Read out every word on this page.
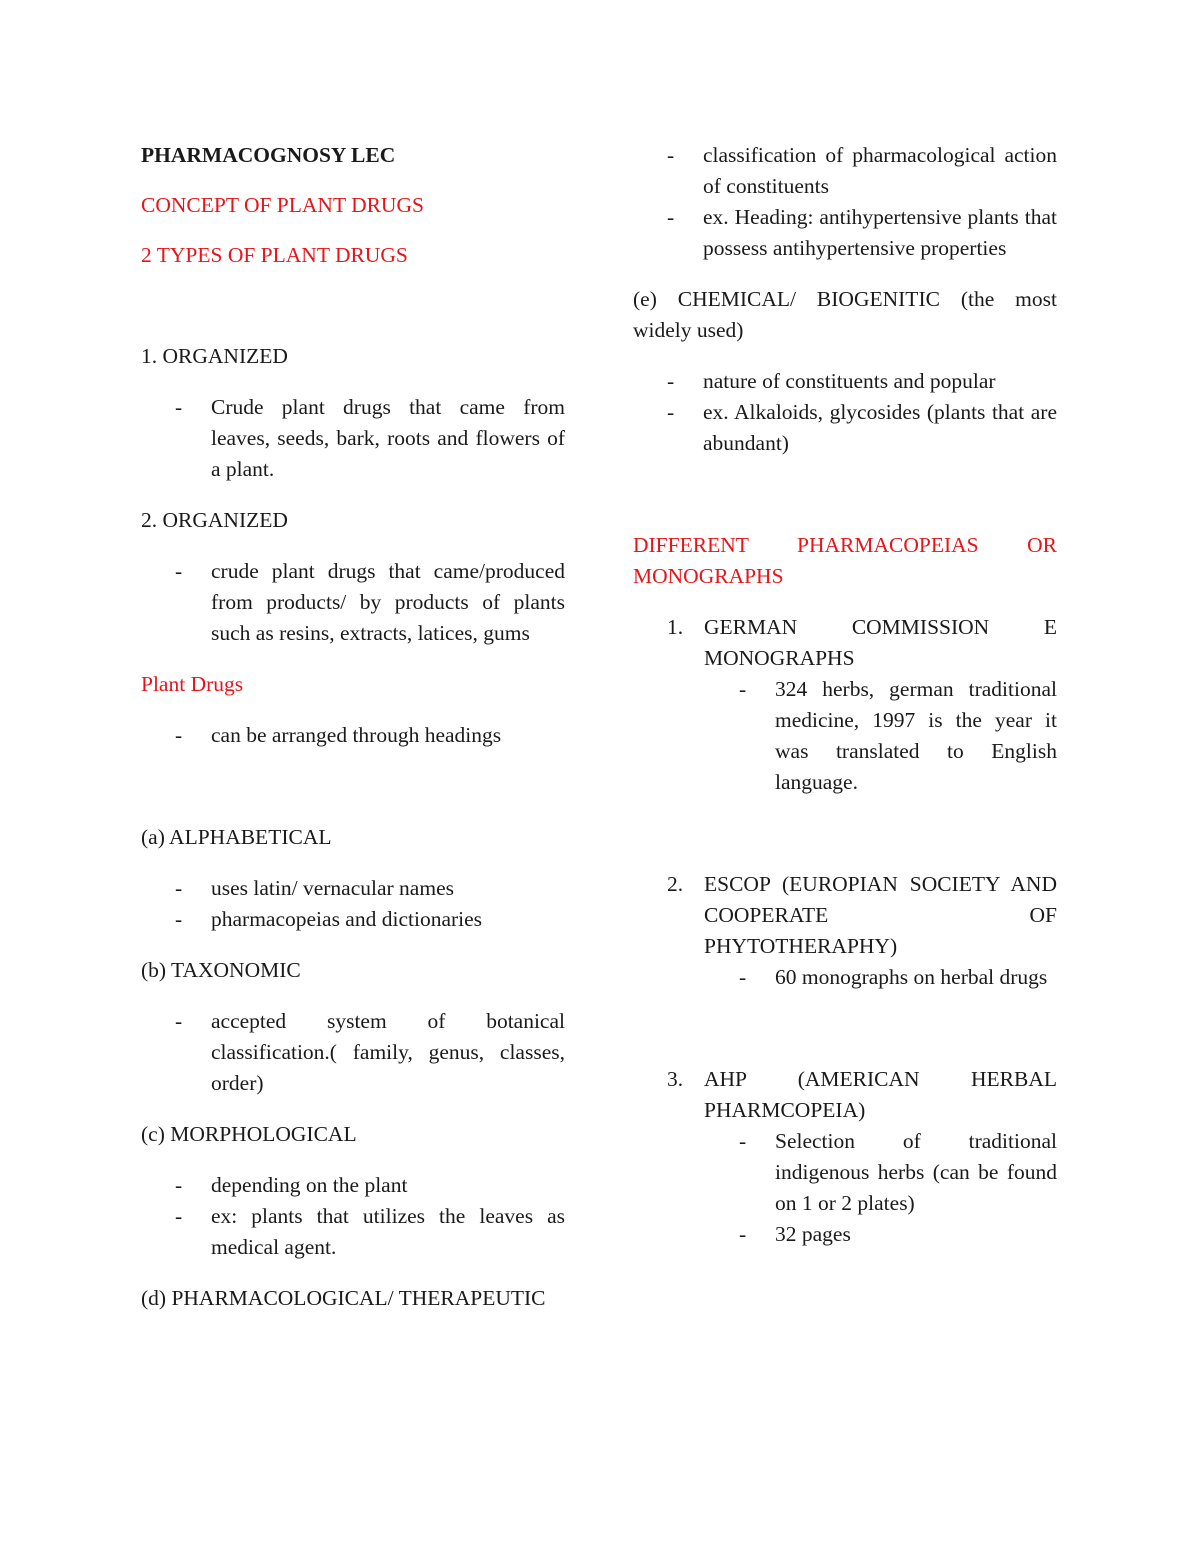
PHARMACOGNOSY LEC

CONCEPT OF PLANT DRUGS

2 TYPES OF PLANT DRUGS

1. ORGANIZED

- Crude plant drugs that came from leaves, seeds, bark, roots and flowers of a plant.

2. ORGANIZED

- crude plant drugs that came/produced from products/ by products of plants such as resins, extracts, latices, gums

Plant Drugs

- can be arranged through headings

(a) ALPHABETICAL

- uses latin/ vernacular names
- pharmacopeias and dictionaries

(b) TAXONOMIC

- accepted system of botanical classification.( family, genus, classes, order)

(c) MORPHOLOGICAL

- depending on the plant
- ex: plants that utilizes the leaves as medical agent.

(d) PHARMACOLOGICAL/ THERAPEUTIC

- classification of pharmacological action of constituents
- ex. Heading: antihypertensive plants that possess antihypertensive properties

(e) CHEMICAL/ BIOGENITIC (the most widely used)

- nature of constituents and popular
- ex. Alkaloids, glycosides (plants that are abundant)

DIFFERENT PHARMACOPEIAS OR MONOGRAPHS

1. GERMAN COMMISSION E MONOGRAPHS
- 324 herbs, german traditional medicine, 1997 is the year it was translated to English language.
2. ESCOP (EUROPIAN SOCIETY AND COOPERATE OF PHYTOTHERAPHY)
- 60 monographs on herbal drugs
3. AHP (AMERICAN HERBAL PHARMCOPEIA)
- Selection of traditional indigenous herbs (can be found on 1 or 2 plates)
- 32 pages
